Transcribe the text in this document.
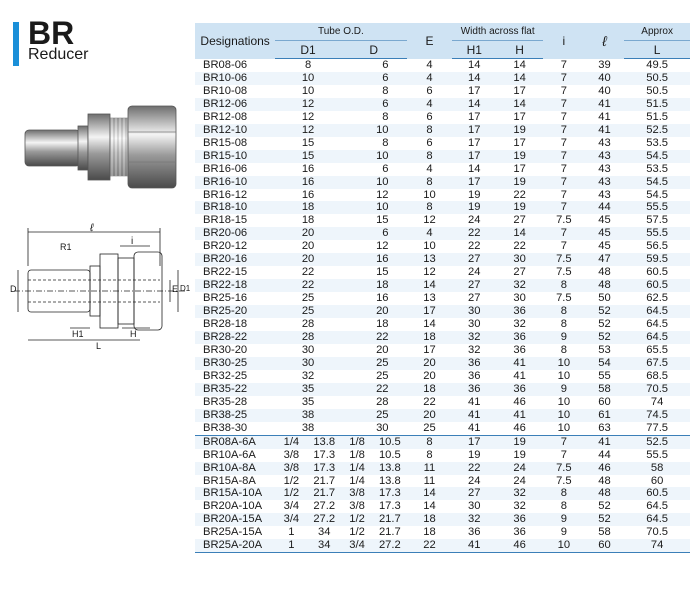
BR
Reducer
ℓ
i
R1
D	E D1
H1
L
H
Designations	Tube O.D.				E	Width across flat		i	ℓ	Approx
	D1		D			H1	H			L
BR08-06	8		6		4	14	14	7	39	49.5
BR10-06	10		6		4	14	14	7	40	50.5
BR10-08	10		8		6	17	17	7	40	50.5
BR12-06	12		6		4	14	14	7	41	51.5
BR12-08	12		8		6	17	17	7	41	51.5
BR12-10	12		10		8	17	19	7	41	52.5
BR15-08	15		8		6	17	17	7	43	53.5
BR15-10	15		10		8	17	19	7	43	54.5
BR16-06	16		6		4	14	17	7	43	53.5
BR16-10	16		10		8	17	19	7	43	54.5
BR16-12	16		12		10	19	22	7	43	54.5
BR18-10	18		10		8	19	19	7	44	55.5
BR18-15	18		15		12	24	27	7.5	45	57.5
BR20-06	20		6		4	22	14	7	45	55.5
BR20-12	20		12		10	22	22	7	45	56.5
BR20-16	20		16		13	27	30	7.5	47	59.5
BR22-15	22		15		12	24	27	7.5	48	60.5
BR22-18	22		18		14	27	32	8	48	60.5
BR25-16	25		16		13	27	30	7.5	50	62.5
BR25-20	25		20		17	30	36	8	52	64.5
BR28-18	28		18		14	30	32	8	52	64.5
BR28-22	28		22		18	32	36	9	52	64.5
BR30-20	30		20		17	32	36	8	53	65.5
BR30-25	30		25		20	36	41	10	54	67.5
BR32-25	32		25		20	36	41	10	55	68.5
BR35-22	35		22		18	36	36	9	58	70.5
BR35-28	35		28		22	41	46	10	60	74
BR38-25	38		25		20	41	41	10	61	74.5
BR38-30	38		30		25	41	46	10	63	77.5
BR08A-6A	1/4	13.8	1/8	10.5	8	17	19	7	41	52.5
BR10A-6A	3/8	17.3	1/8	10.5	8	19	19	7	44	55.5
BR10A-8A	3/8	17.3	1/4	13.8	11	22	24	7.5	46	58
BR15A-8A	1/2	21.7	1/4	13.8	11	24	24	7.5	48	60
BR15A-10A	1/2	21.7	3/8	17.3	14	27	32	8	48	60.5
BR20A-10A	3/4	27.2	3/8	17.3	14	30	32	8	52	64.5
BR20A-15A	3/4	27.2	1/2	21.7	18	32	36	9	52	64.5
BR25A-15A	1	34	1/2	21.7	18	36	36	9	58	70.5
BR25A-20A	1	34	3/4	27.2	22	41	46	10	60	74
